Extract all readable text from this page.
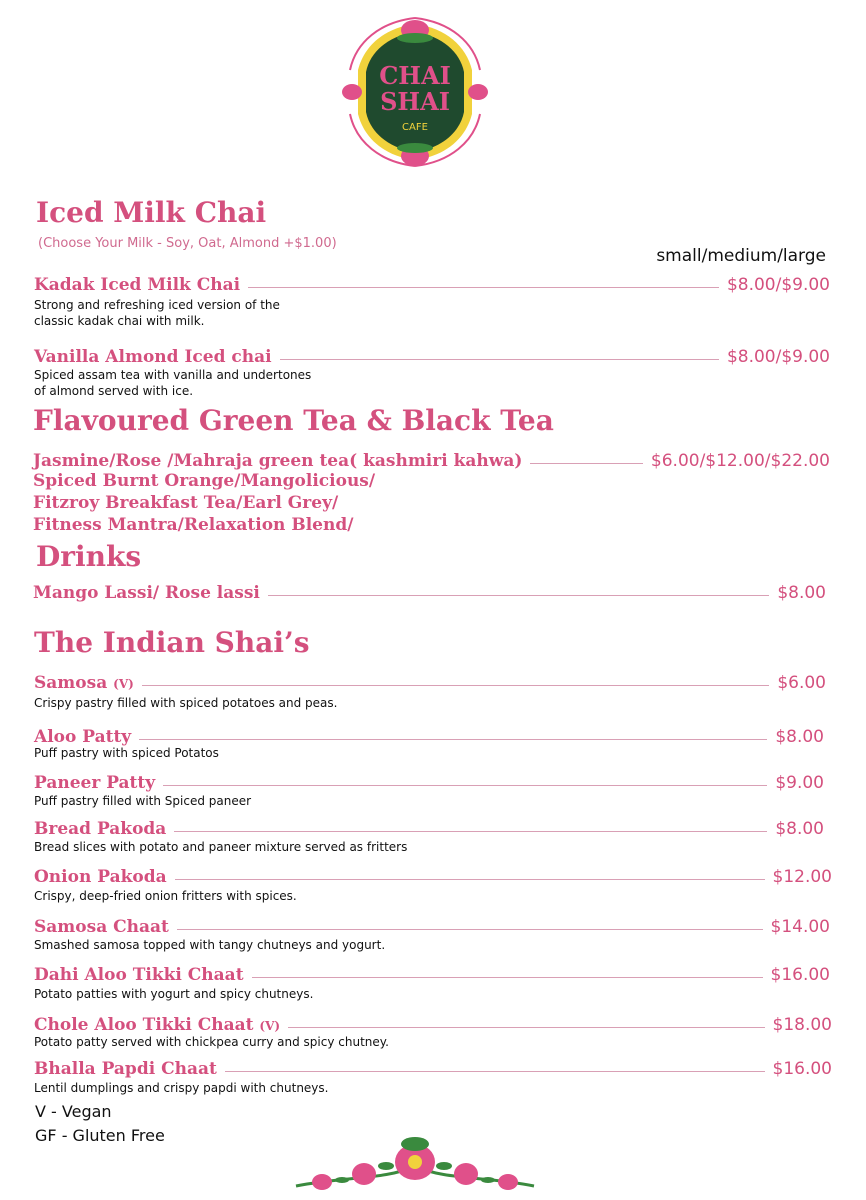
CHAI
SHAI
CAFE
Iced Milk Chai
(Choose Your Milk - Soy, Oat, Almond +$1.00)
small/medium/large
Kadak Iced Milk Chai	$8.00/$9.00
Strong and refreshing iced version of the
classic kadak chai with milk.
Vanilla Almond Iced chai	$8.00/$9.00
Spiced assam tea with vanilla and undertones
of almond served with ice.
Flavoured Green Tea & Black Tea
Jasmine/Rose /Mahraja green tea( kashmiri kahwa)	$6.00/$12.00/$22.00
Spiced Burnt Orange/Mangolicious/
Fitzroy Breakfast Tea/Earl Grey/
Fitness Mantra/Relaxation Blend/
Drinks
Mango Lassi/ Rose lassi	$8.00
The Indian Shai’s
Samosa (V)	$6.00
Crispy pastry filled with spiced potatoes and peas.
Aloo Patty	$8.00
Puff pastry with spiced Potatos
Paneer Patty	$9.00
Puff pastry filled with Spiced paneer
Bread Pakoda	$8.00
Bread slices with potato and paneer mixture served as fritters
Onion Pakoda	$12.00
Crispy, deep-fried onion fritters with spices.
Samosa Chaat	$14.00
Smashed samosa topped with tangy chutneys and yogurt.
Dahi Aloo Tikki Chaat	$16.00
Potato patties with yogurt and spicy chutneys.
Chole Aloo Tikki Chaat (V)	$18.00
Potato patty served with chickpea curry and spicy chutney.
Bhalla Papdi Chaat	$16.00
Lentil dumplings and crispy papdi with chutneys.
V - Vegan
GF - Gluten Free
